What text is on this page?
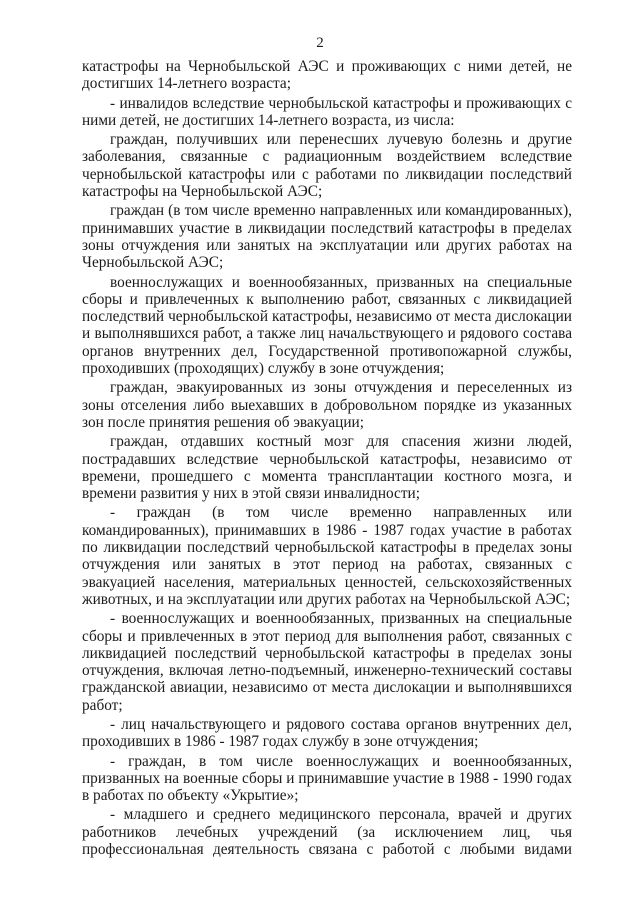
2

катастрофы на Чернобыльской АЭС и проживающих с ними детей, не достигших 14-летнего возраста;

- инвалидов вследствие чернобыльской катастрофы и проживающих с ними детей, не достигших 14-летнего возраста, из числа:

граждан, получивших или перенесших лучевую болезнь и другие заболевания, связанные с радиационным воздействием вследствие чернобыльской катастрофы или с работами по ликвидации последствий катастрофы на Чернобыльской АЭС;

граждан (в том числе временно направленных или командированных), принимавших участие в ликвидации последствий катастрофы в пределах зоны отчуждения или занятых на эксплуатации или других работах на Чернобыльской АЭС;

военнослужащих и военнообязанных, призванных на специальные сборы и привлеченных к выполнению работ, связанных с ликвидацией последствий чернобыльской катастрофы, независимо от места дислокации и выполнявшихся работ, а также лиц начальствующего и рядового состава органов внутренних дел, Государственной противопожарной службы, проходивших (проходящих) службу в зоне отчуждения;

граждан, эвакуированных из зоны отчуждения и переселенных из зоны отселения либо выехавших в добровольном порядке из указанных зон после принятия решения об эвакуации;

граждан, отдавших костный мозг для спасения жизни людей, пострадавших вследствие чернобыльской катастрофы, независимо от времени, прошедшего с момента трансплантации костного мозга, и времени развития у них в этой связи инвалидности;

- граждан (в том числе временно направленных или командированных), принимавших в 1986 - 1987 годах участие в работах по ликвидации последствий чернобыльской катастрофы в пределах зоны отчуждения или занятых в этот период на работах, связанных с эвакуацией населения, материальных ценностей, сельскохозяйственных животных, и на эксплуатации или других работах на Чернобыльской АЭС;

- военнослужащих и военнообязанных, призванных на специальные сборы и привлеченных в этот период для выполнения работ, связанных с ликвидацией последствий чернобыльской катастрофы в пределах зоны отчуждения, включая летно-подъемный, инженерно-технический составы гражданской авиации, независимо от места дислокации и выполнявшихся работ;

- лиц начальствующего и рядового состава органов внутренних дел, проходивших в 1986 - 1987 годах службу в зоне отчуждения;

- граждан, в том числе военнослужащих и военнообязанных, призванных на военные сборы и принимавшие участие в 1988 - 1990 годах в работах по объекту «Укрытие»;

- младшего и среднего медицинского персонала, врачей и других работников лечебных учреждений (за исключением лиц, чья профессиональная деятельность связана с работой с любыми видами
